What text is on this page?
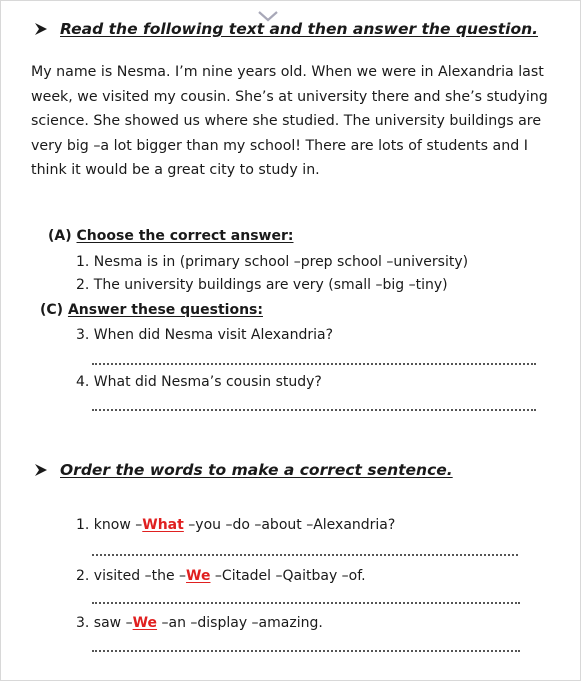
Read the following text and then answer the question.
My name is Nesma. I’m nine years old. When we were in Alexandria last
week, we visited my cousin. She’s at university there and she’s studying
science. She showed us where she studied. The university buildings are
very big –a lot bigger than my school! There are lots of students and I
think it would be a great city to study in.
(A) Choose the correct answer:
1. Nesma is in (primary school –prep school –university)
2. The university buildings are very (small –big –tiny)
(C) Answer these questions:
3. When did Nesma visit Alexandria?
4. What did Nesma’s cousin study?
Order the words to make a correct sentence.
1. know –What –you –do –about –Alexandria?
2. visited –the –We –Citadel –Qaitbay –of.
3. saw –We –an –display –amazing.
